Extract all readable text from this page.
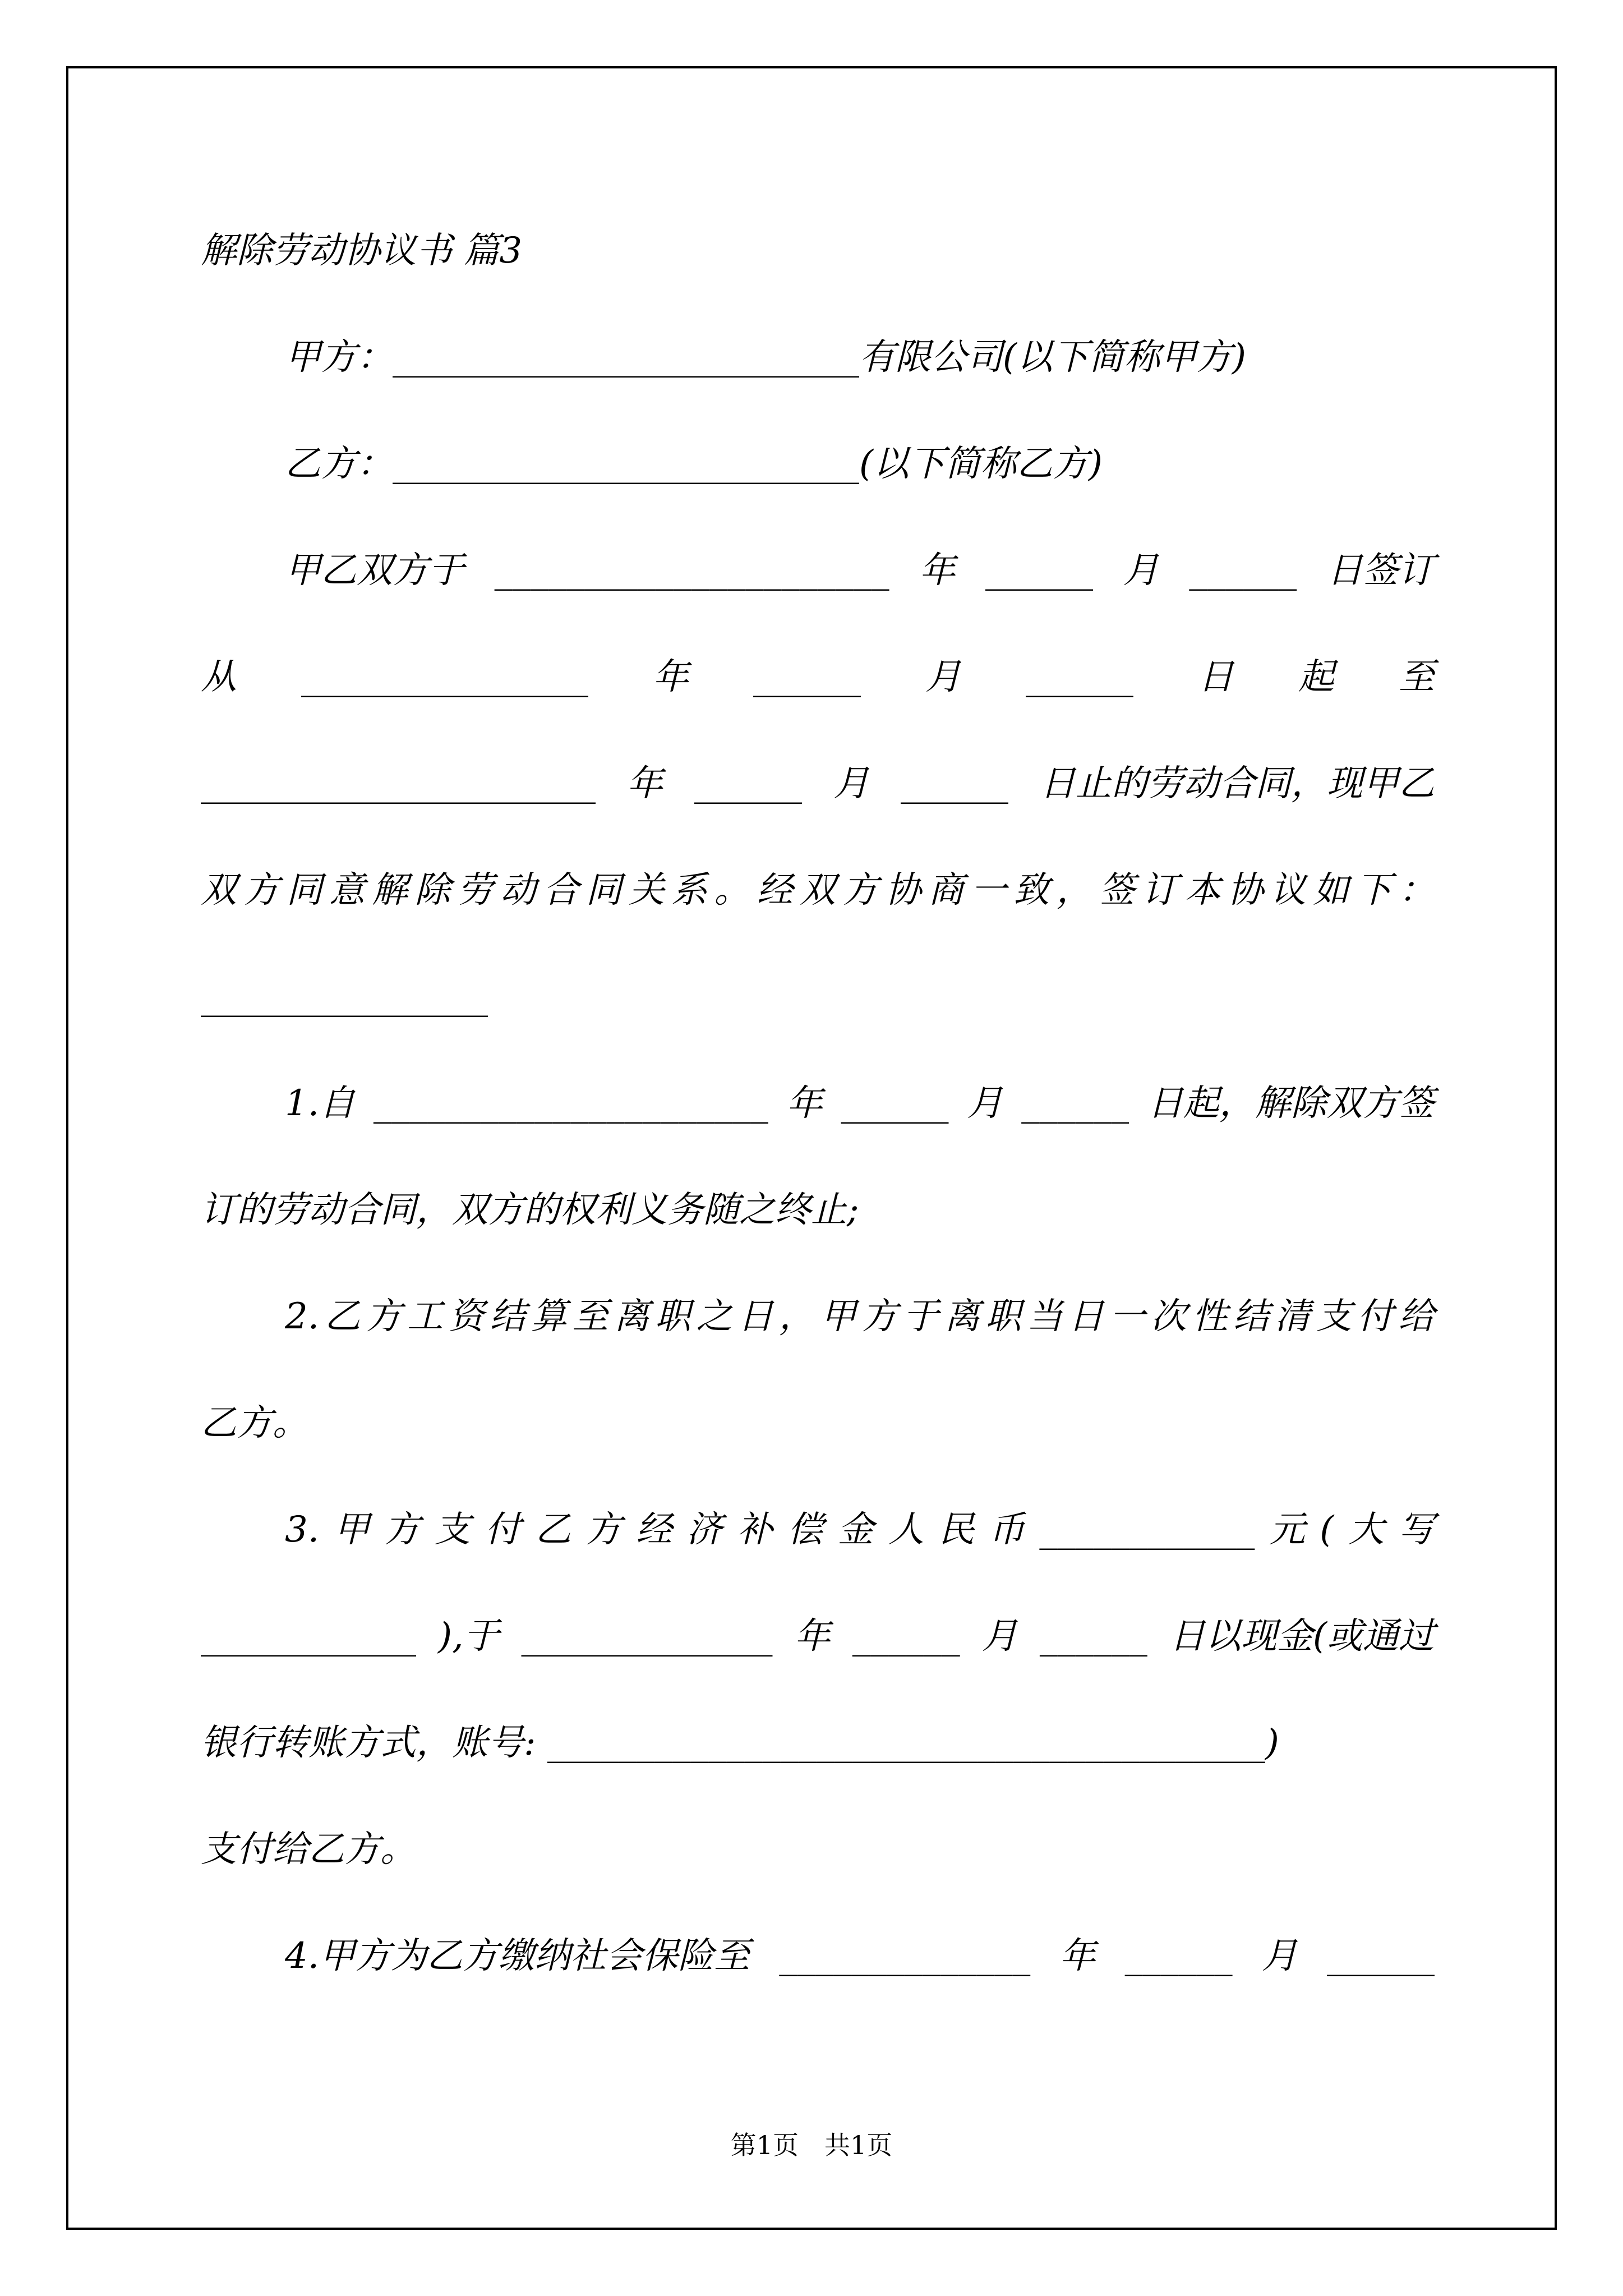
解除劳动协议书 篇3
甲方：__________________________有限公司(以下简称甲方)
乙方：__________________________(以下简称乙方)
甲乙双方于 ______________________ 年 ______ 月 ______ 日签订
从 ________________ 年 ______ 月 ______ 日 起 至
______________________ 年 ______ 月 ______ 日止的劳动合同，现甲乙
双 方 同 意 解 除 劳 动 合 同 关 系 。 经 双 方 协 商 一 致 ， 签 订 本 协 议 如 下 ：
________________
1.自 ______________________ 年 ______ 月 ______ 日起，解除双方签
订的劳动合同，双方的权利义务随之终止;
2. 乙 方 工 资 结 算 至 离 职 之 日 ， 甲 方 于 离 职 当 日 一 次 性 结 清 支 付 给
乙方。
3. 甲 方 支 付 乙 方 经 济 补 偿 金 人 民 币 ____________ 元 ( 大 写
____________ ),于 ______________ 年 ______ 月 ______ 日以现金(或通过
银行转账方式，账号: ________________________________________)
支付给乙方。
4.甲方为乙方缴纳社会保险至 ______________ 年 ______ 月 ______
第1页　共1页
